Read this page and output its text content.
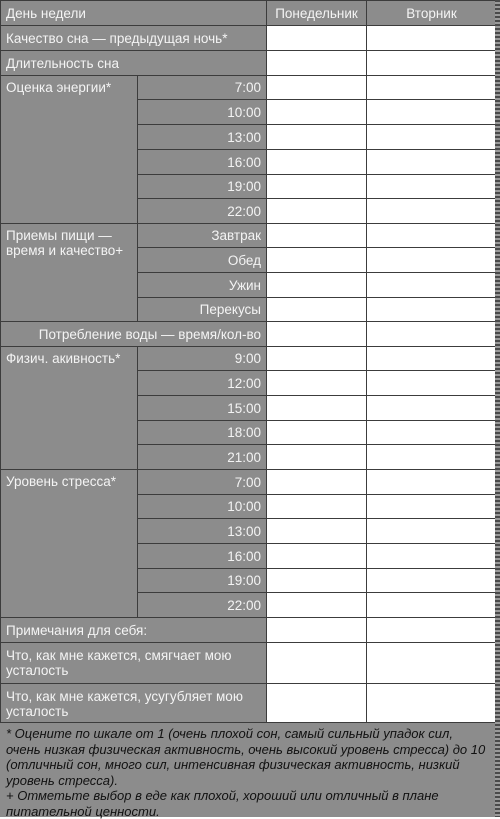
День недели		Понедельник	Вторник
Качество сна — предыдущая ночь*			
Длительность сна			
Оценка энергии*	7:00		
	10:00		
	13:00		
	16:00		
	19:00		
	22:00		
Приемы пищи — время и качество+	Завтрак		
	Обед		
	Ужин		
	Перекусы		
Потребление воды — время/кол-во			
Физич. акивность*	9:00		
	12:00		
	15:00		
	18:00		
	21:00		
Уровень стресса*	7:00		
	10:00		
	13:00		
	16:00		
	19:00		
	22:00		
Примечания для себя:			
Что, как мне кажется, смягчает мою усталость			
Что, как мне кажется, усугубляет мою усталость			

* Оцените по шкале от 1 (очень плохой сон, самый сильный упадок сил, очень низкая физическая активность, очень высокий уровень стресса) до 10 (отличный сон, много сил, интенсивная физическая активность, низкий уровень стресса).

+ Отметьте выбор в еде как плохой, хороший или отличный в плане питательной ценности.
